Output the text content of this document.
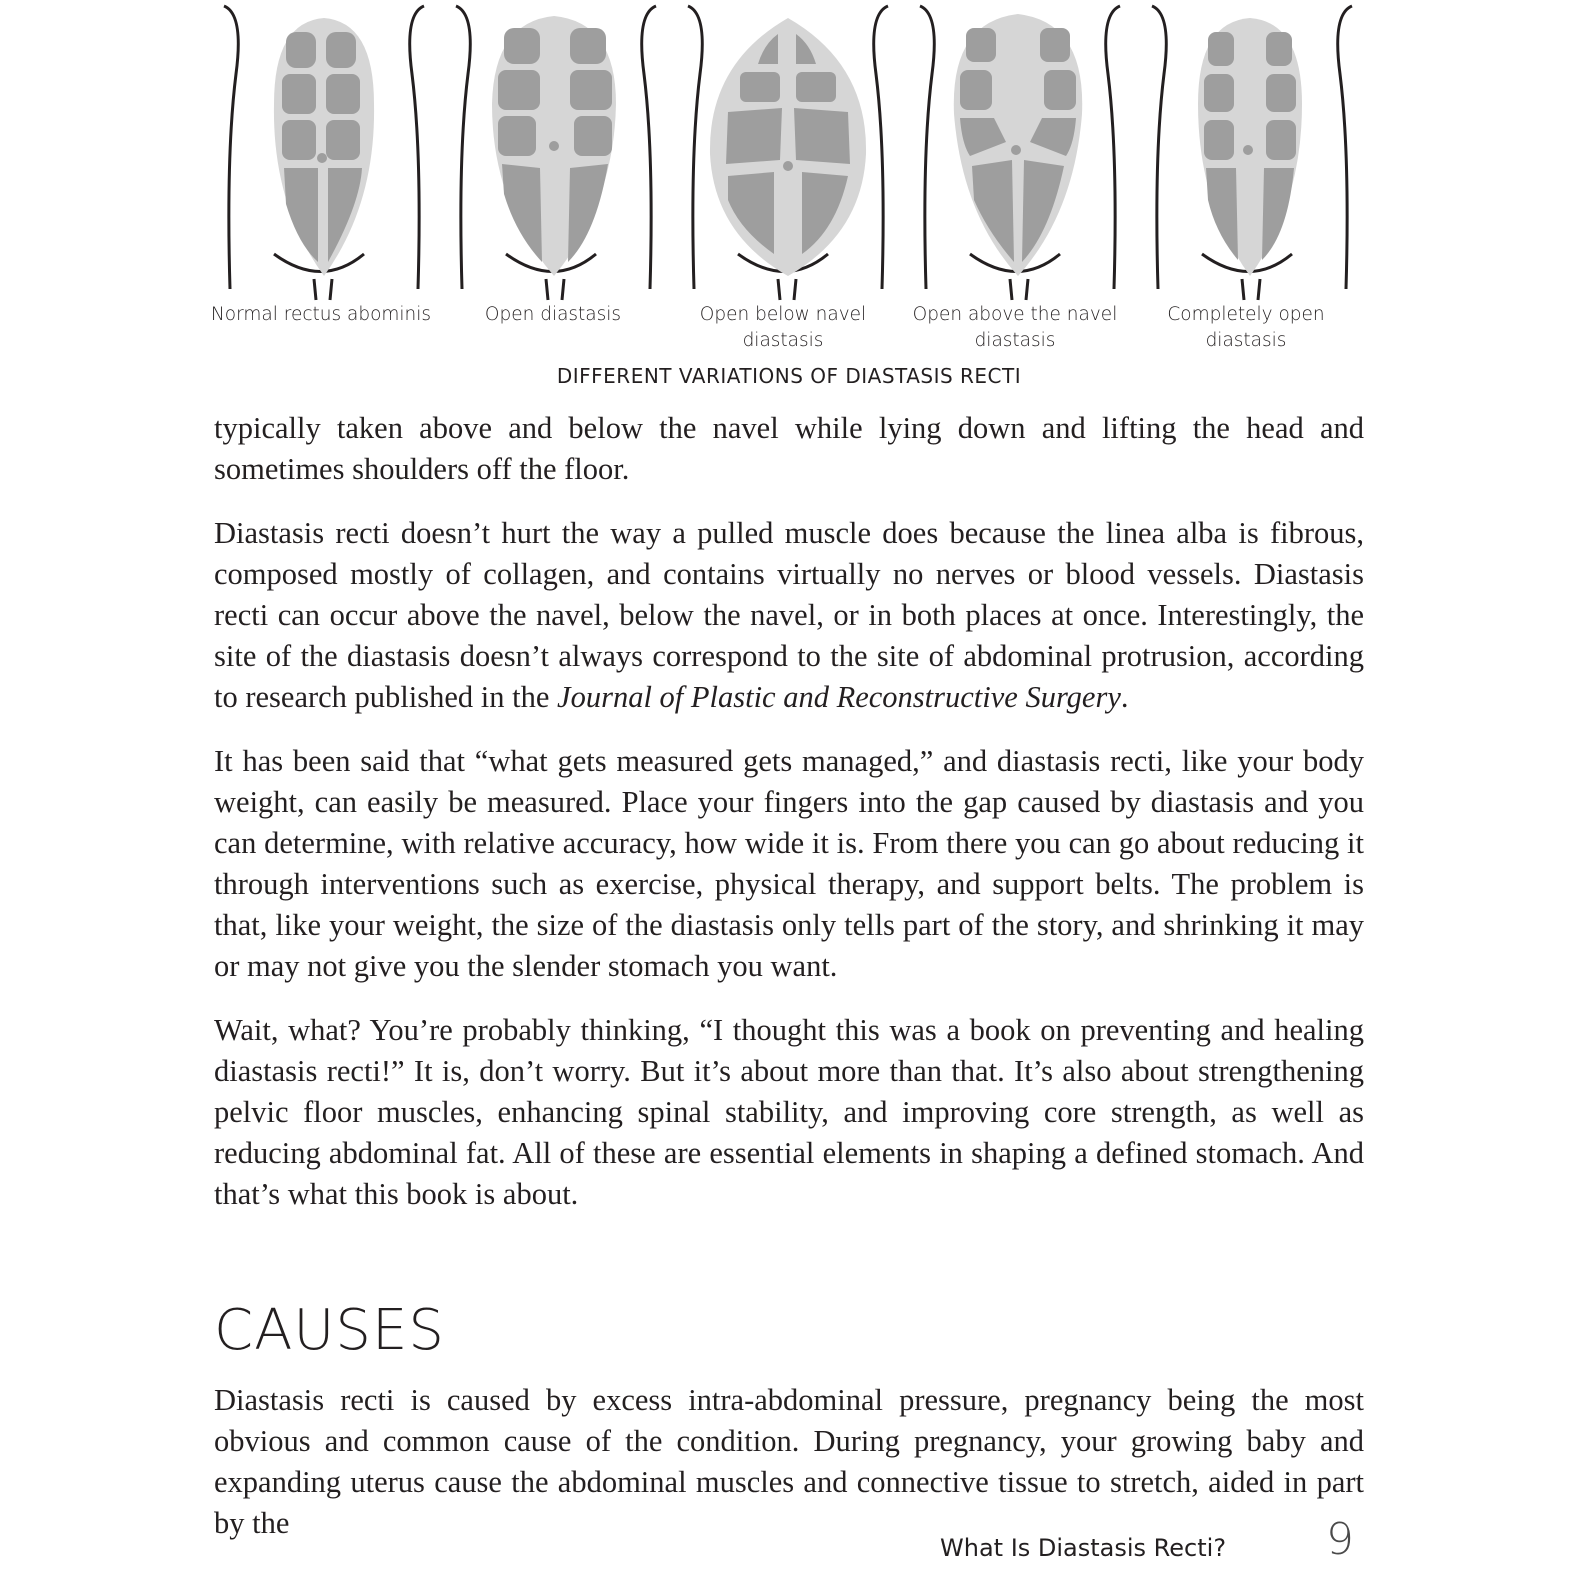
Normal rectus abominis	Open diastasis	Open below navel diastasis
Open above the navel diastasis
Completely open diastasis
DIFFERENT VARIATIONS OF DIASTASIS RECTI

typically taken above and below the navel while lying down and lifting the head and sometimes shoulders off the floor.

Diastasis recti doesn’t hurt the way a pulled muscle does because the linea alba is fibrous, composed mostly of collagen, and contains virtually no nerves or blood vessels. Diastasis recti can occur above the navel, below the navel, or in both places at once. Interestingly, the site of the diastasis doesn’t always correspond to the site of abdominal protrusion, according to research published in the Journal of Plastic and Reconstructive Surgery.

It has been said that “what gets measured gets managed,” and diastasis recti, like your body weight, can easily be measured. Place your fingers into the gap caused by diastasis and you can determine, with relative accuracy, how wide it is. From there you can go about reducing it through interventions such as exercise, physical therapy, and support belts. The problem is that, like your weight, the size of the diastasis only tells part of the story, and shrinking it may or may not give you the slender stomach you want.

Wait, what? You’re probably thinking, “I thought this was a book on preventing and healing diastasis recti!” It is, don’t worry. But it’s about more than that. It’s also about strengthening pelvic floor muscles, enhancing spinal stability, and improving core strength, as well as reducing abdominal fat. All of these are essential elements in shaping a defined stomach. And that’s what this book is about.

CAUSES

Diastasis recti is caused by excess intra-abdominal pressure, pregnancy being the most obvious and common cause of the condition. During pregnancy, your growing baby and expanding uterus cause the abdominal muscles and connective tissue to stretch, aided in part by the

What Is Diastasis Recti? 9
